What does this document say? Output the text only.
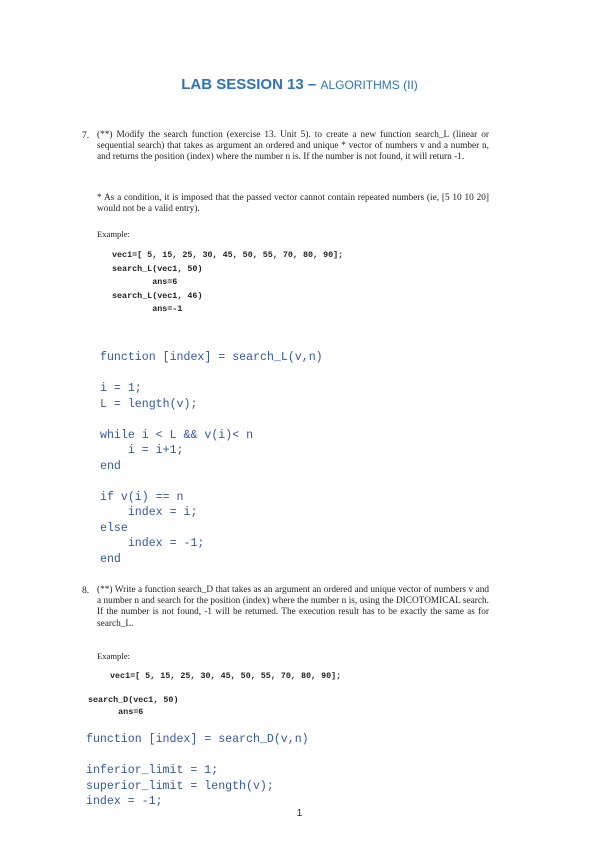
LAB SESSION 13 – ALGORITHMS (II)
7. (**) Modify the search function (exercise 13. Unit 5). to create a new function search_L (linear or sequential search) that takes as argument an ordered and unique * vector of numbers v and a number n, and returns the position (index) where the number n is. If the number is not found, it will return -1.
* As a condition, it is imposed that the passed vector cannot contain repeated numbers (ie, [5 10 10 20] would not be a valid entry).
Example:
vec1=[ 5, 15, 25, 30, 45, 50, 55, 70, 80, 90];
search_L(vec1, 50)
ans=6
search_L(vec1, 46)
ans=-1
function [index] = search_L(v,n)

i = 1;
L = length(v);

while i < L && v(i)< n
i = i+1;
end

if v(i) == n
index = i;
else
index = -1;
end
8. (**) Write a function search_D that takes as an argument an ordered and unique vector of numbers v and a number n and search for the position (index) where the number n is, using the DICOTOMICAL search. If the number is not found, -1 will be returned. The execution result has to be exactly the same as for search_L.
Example:
vec1=[ 5, 15, 25, 30, 45, 50, 55, 70, 80, 90];
search_D(vec1, 50)
ans=6
function [index] = search_D(v,n)

inferior_limit = 1;
superior_limit = length(v);
index = -1;
1
